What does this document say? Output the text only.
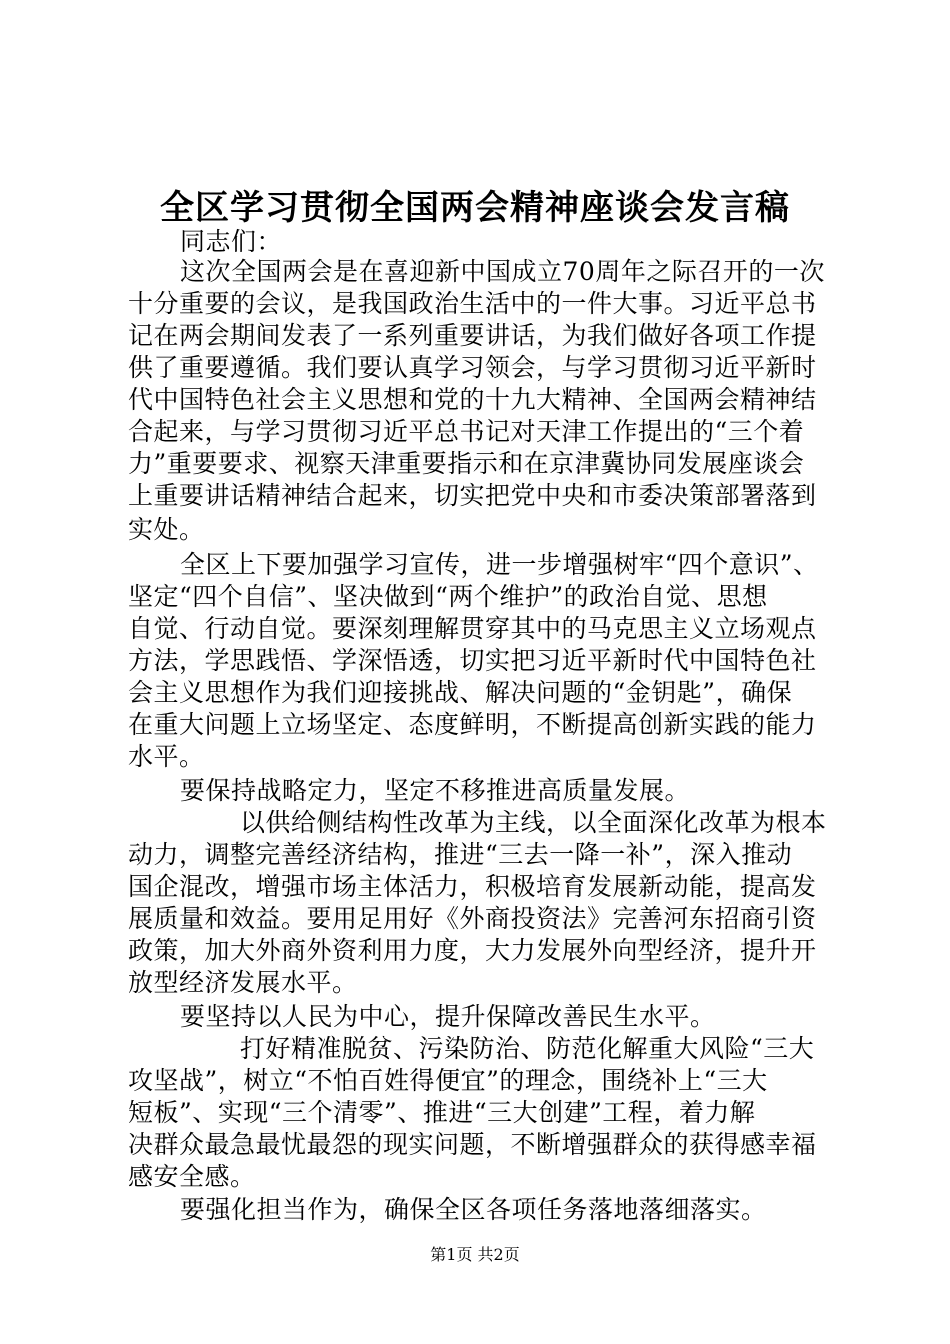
全区学习贯彻全国两会精神座谈会发言稿
同志们：
这次全国两会是在喜迎新中国成立70周年之际召开的一次
十分重要的会议，是我国政治生活中的一件大事。习近平总书
记在两会期间发表了一系列重要讲话，为我们做好各项工作提
供了重要遵循。我们要认真学习领会，与学习贯彻习近平新时
代中国特色社会主义思想和党的十九大精神、全国两会精神结
合起来，与学习贯彻习近平总书记对天津工作提出的“三个着
力”重要要求、视察天津重要指示和在京津冀协同发展座谈会
上重要讲话精神结合起来，切实把党中央和市委决策部署落到
实处。
全区上下要加强学习宣传，进一步增强树牢“四个意识”、
坚定“四个自信”、坚决做到“两个维护”的政治自觉、思想
自觉、行动自觉。要深刻理解贯穿其中的马克思主义立场观点
方法，学思践悟、学深悟透，切实把习近平新时代中国特色社
会主义思想作为我们迎接挑战、解决问题的“金钥匙”，确保
在重大问题上立场坚定、态度鲜明，不断提高创新实践的能力
水平。
要保持战略定力，坚定不移推进高质量发展。
以供给侧结构性改革为主线，以全面深化改革为根本
动力，调整完善经济结构，推进“三去一降一补”，深入推动
国企混改，增强市场主体活力，积极培育发展新动能，提高发
展质量和效益。要用足用好《外商投资法》完善河东招商引资
政策，加大外商外资利用力度，大力发展外向型经济，提升开
放型经济发展水平。
要坚持以人民为中心，提升保障改善民生水平。
打好精准脱贫、污染防治、防范化解重大风险“三大
攻坚战”，树立“不怕百姓得便宜”的理念，围绕补上“三大
短板”、实现“三个清零”、推进“三大创建”工程，着力解
决群众最急最忧最怨的现实问题，不断增强群众的获得感幸福
感安全感。
要强化担当作为，确保全区各项任务落地落细落实。
第1页 共2页
